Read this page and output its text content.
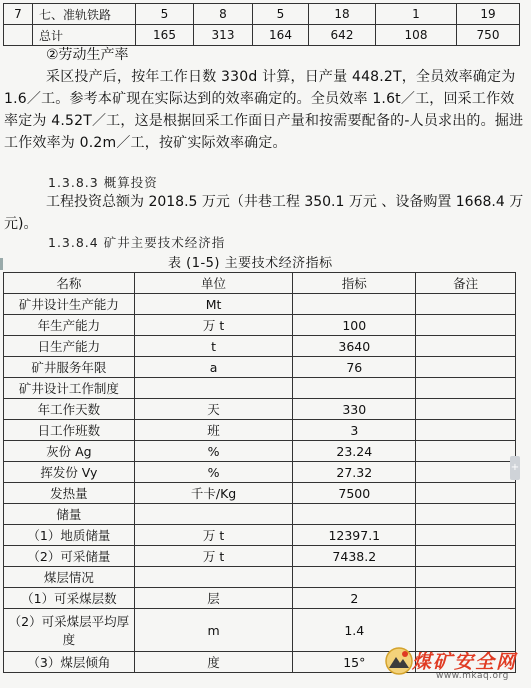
7	七、准轨铁路	5	8	5	18	1	19
	总计	165	313	164	642	108	750
②劳动生产率
采区投产后，按年工作日数 330d 计算，日产量 448.2T，全员效率确定为 1.6／工。参考本矿现在实际达到的效率确定的。全员效率 1.6t／工，回采工作效率定为 4.52T／工，这是根据回采工作面日产量和按需要配备的-人员求出的。掘进工作效率为 0.2m／工，按矿实际效率确定。
1.3.8.3 概算投资
工程投资总额为 2018.5 万元（井巷工程 350.1 万元 、设备购置 1668.4 万元)。
1.3.8.4 矿井主要技术经济指
表 (1-5) 主要技术经济指标
名称	单位	指标	备注
矿井设计生产能力	Mt		
年生产能力	万 t	100	
日生产能力	t	3640	
矿井服务年限	a	76	
矿井设计工作制度			
年工作天数	天	330	
日工作班数	班	3	
灰份 Ag	%	23.24	
挥发份 Vy	%	27.32	
发热量	千卡/Kg	7500	
储量			
（1）地质储量	万 t	12397.1	
（2）可采储量	万 t	7438.2	
煤层情况			
（1）可采煤层数	层	2	
（2）可采煤层平均厚度	m	1.4	
（3）煤层倾角	度	15°	
+
煤矿安全网
www.mkaq.org
